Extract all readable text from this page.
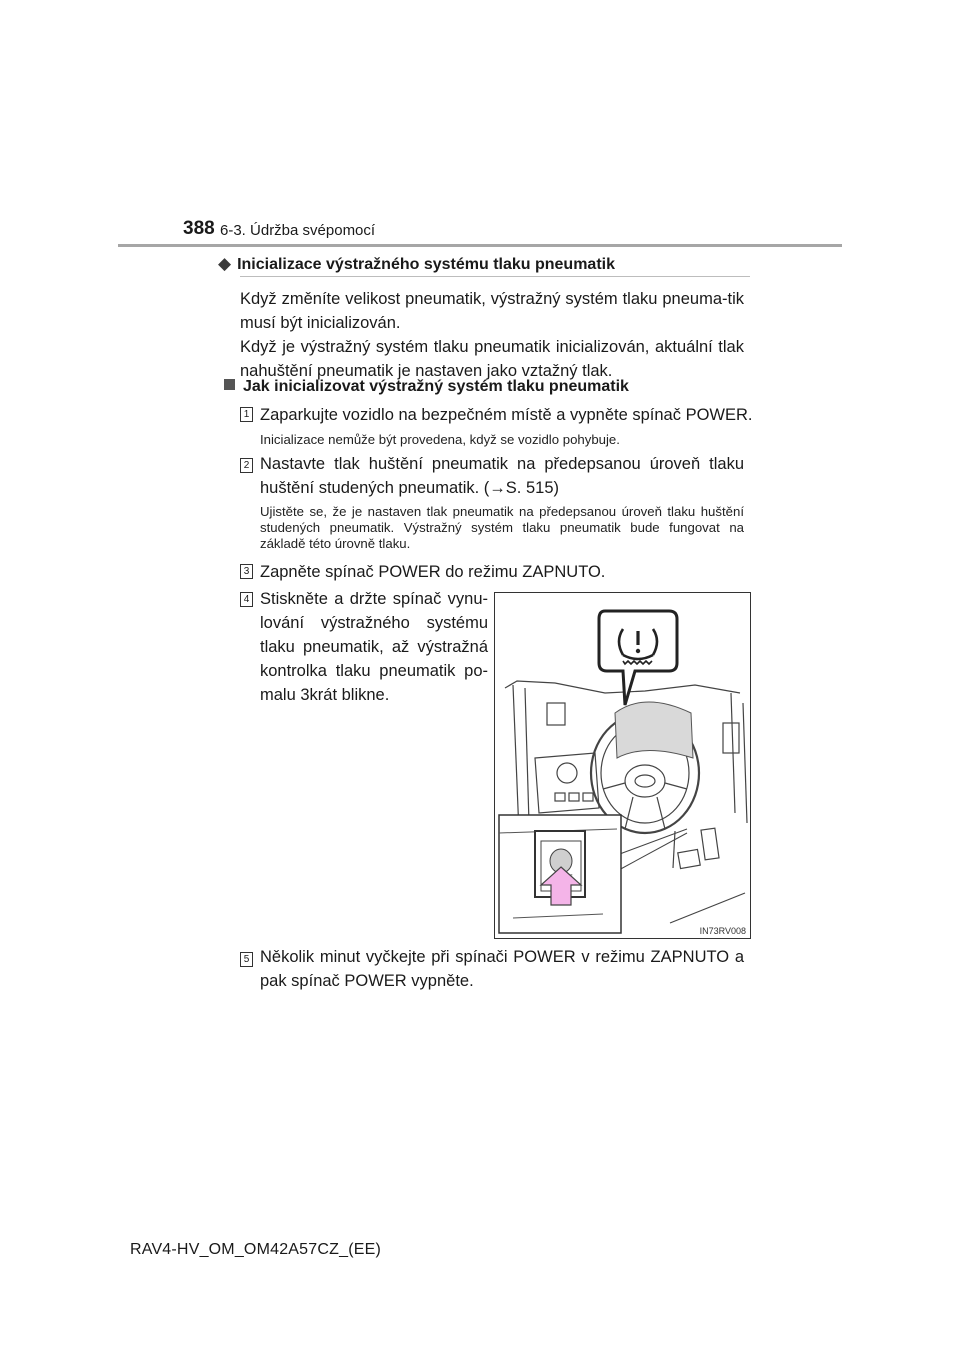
388 6-3. Údržba svépomocí
◆ Inicializace výstražného systému tlaku pneumatik
Když změníte velikost pneumatik, výstražný systém tlaku pneuma-tik musí být inicializován.
Když je výstražný systém tlaku pneumatik inicializován, aktuální tlak nahuštění pneumatik je nastaven jako vztažný tlak.
Jak inicializovat výstražný systém tlaku pneumatik
1 Zaparkujte vozidlo na bezpečném místě a vypněte spínač POWER.
Inicializace nemůže být provedena, když se vozidlo pohybuje.
2 Nastavte tlak huštění pneumatik na předepsanou úroveň tlaku huštění studených pneumatik. (→S. 515)
Ujistěte se, že je nastaven tlak pneumatik na předepsanou úroveň tlaku huštění studených pneumatik. Výstražný systém tlaku pneumatik bude fungovat na základě této úrovně tlaku.
3 Zapněte spínač POWER do režimu ZAPNUTO.
4 Stiskněte a držte spínač vynu-lování výstražného systému tlaku pneumatik, až výstražná kontrolka tlaku pneumatik po-malu 3krát blikne.
IN73RV008
5 Několik minut vyčkejte při spínači POWER v režimu ZAPNUTO a pak spínač POWER vypněte.
RAV4-HV_OM_OM42A57CZ_(EE)
